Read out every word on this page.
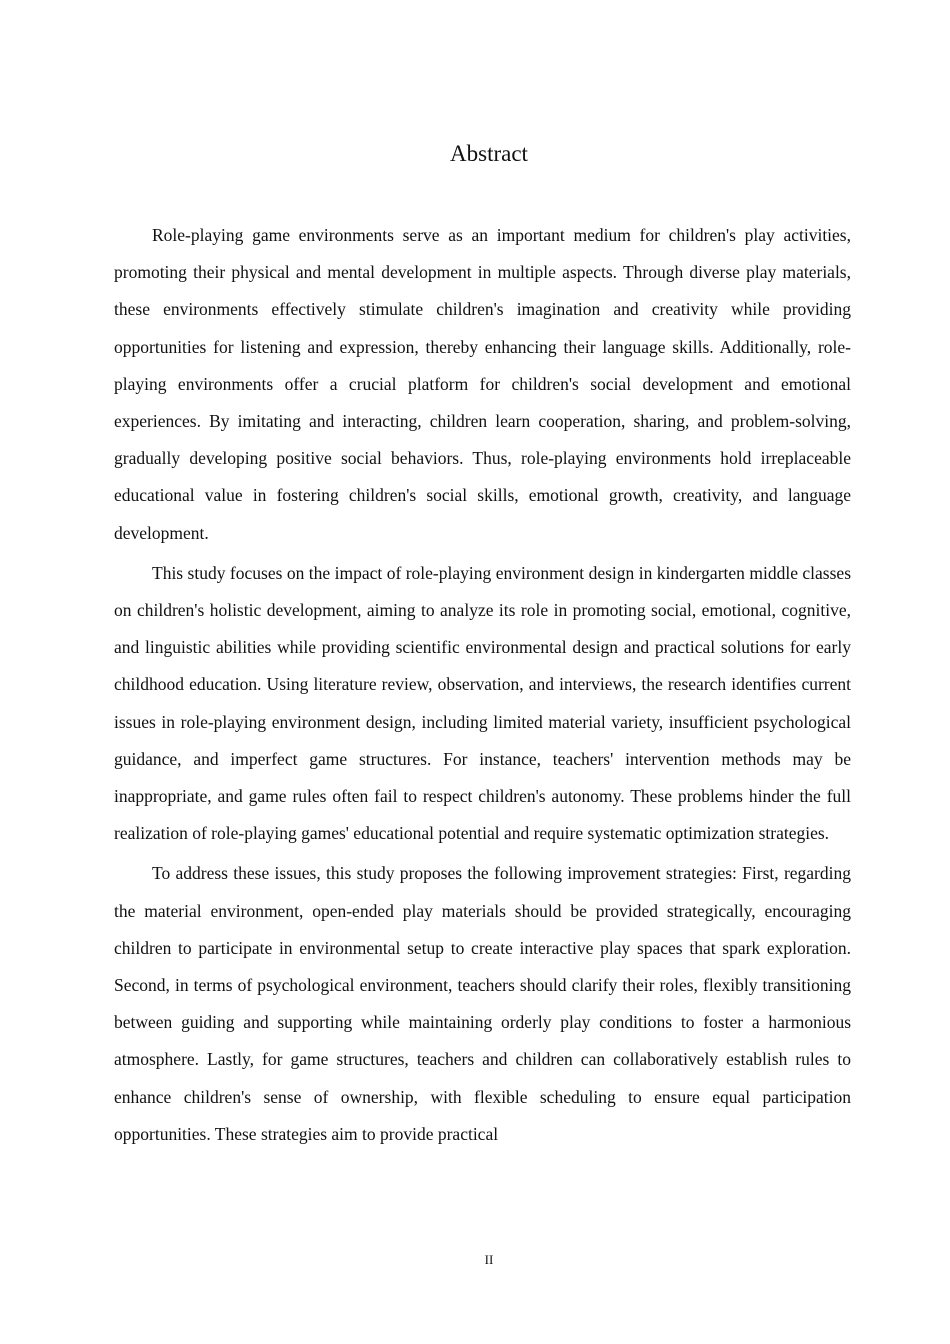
Abstract

Role-playing game environments serve as an important medium for children's play activities, promoting their physical and mental development in multiple aspects. Through diverse play materials, these environments effectively stimulate children's imagination and creativity while providing opportunities for listening and expression, thereby enhancing their language skills. Additionally, role-playing environments offer a crucial platform for children's social development and emotional experiences. By imitating and interacting, children learn cooperation, sharing, and problem-solving, gradually developing positive social behaviors. Thus, role-playing environments hold irreplaceable educational value in fostering children's social skills, emotional growth, creativity, and language development.

This study focuses on the impact of role-playing environment design in kindergarten middle classes on children's holistic development, aiming to analyze its role in promoting social, emotional, cognitive, and linguistic abilities while providing scientific environmental design and practical solutions for early childhood education. Using literature review, observation, and interviews, the research identifies current issues in role-playing environment design, including limited material variety, insufficient psychological guidance, and imperfect game structures. For instance, teachers' intervention methods may be inappropriate, and game rules often fail to respect children's autonomy. These problems hinder the full realization of role-playing games' educational potential and require systematic optimization strategies.

To address these issues, this study proposes the following improvement strategies: First, regarding the material environment, open-ended play materials should be provided strategically, encouraging children to participate in environmental setup to create interactive play spaces that spark exploration. Second, in terms of psychological environment, teachers should clarify their roles, flexibly transitioning between guiding and supporting while maintaining orderly play conditions to foster a harmonious atmosphere. Lastly, for game structures, teachers and children can collaboratively establish rules to enhance children's sense of ownership, with flexible scheduling to ensure equal participation opportunities. These strategies aim to provide practical

II
